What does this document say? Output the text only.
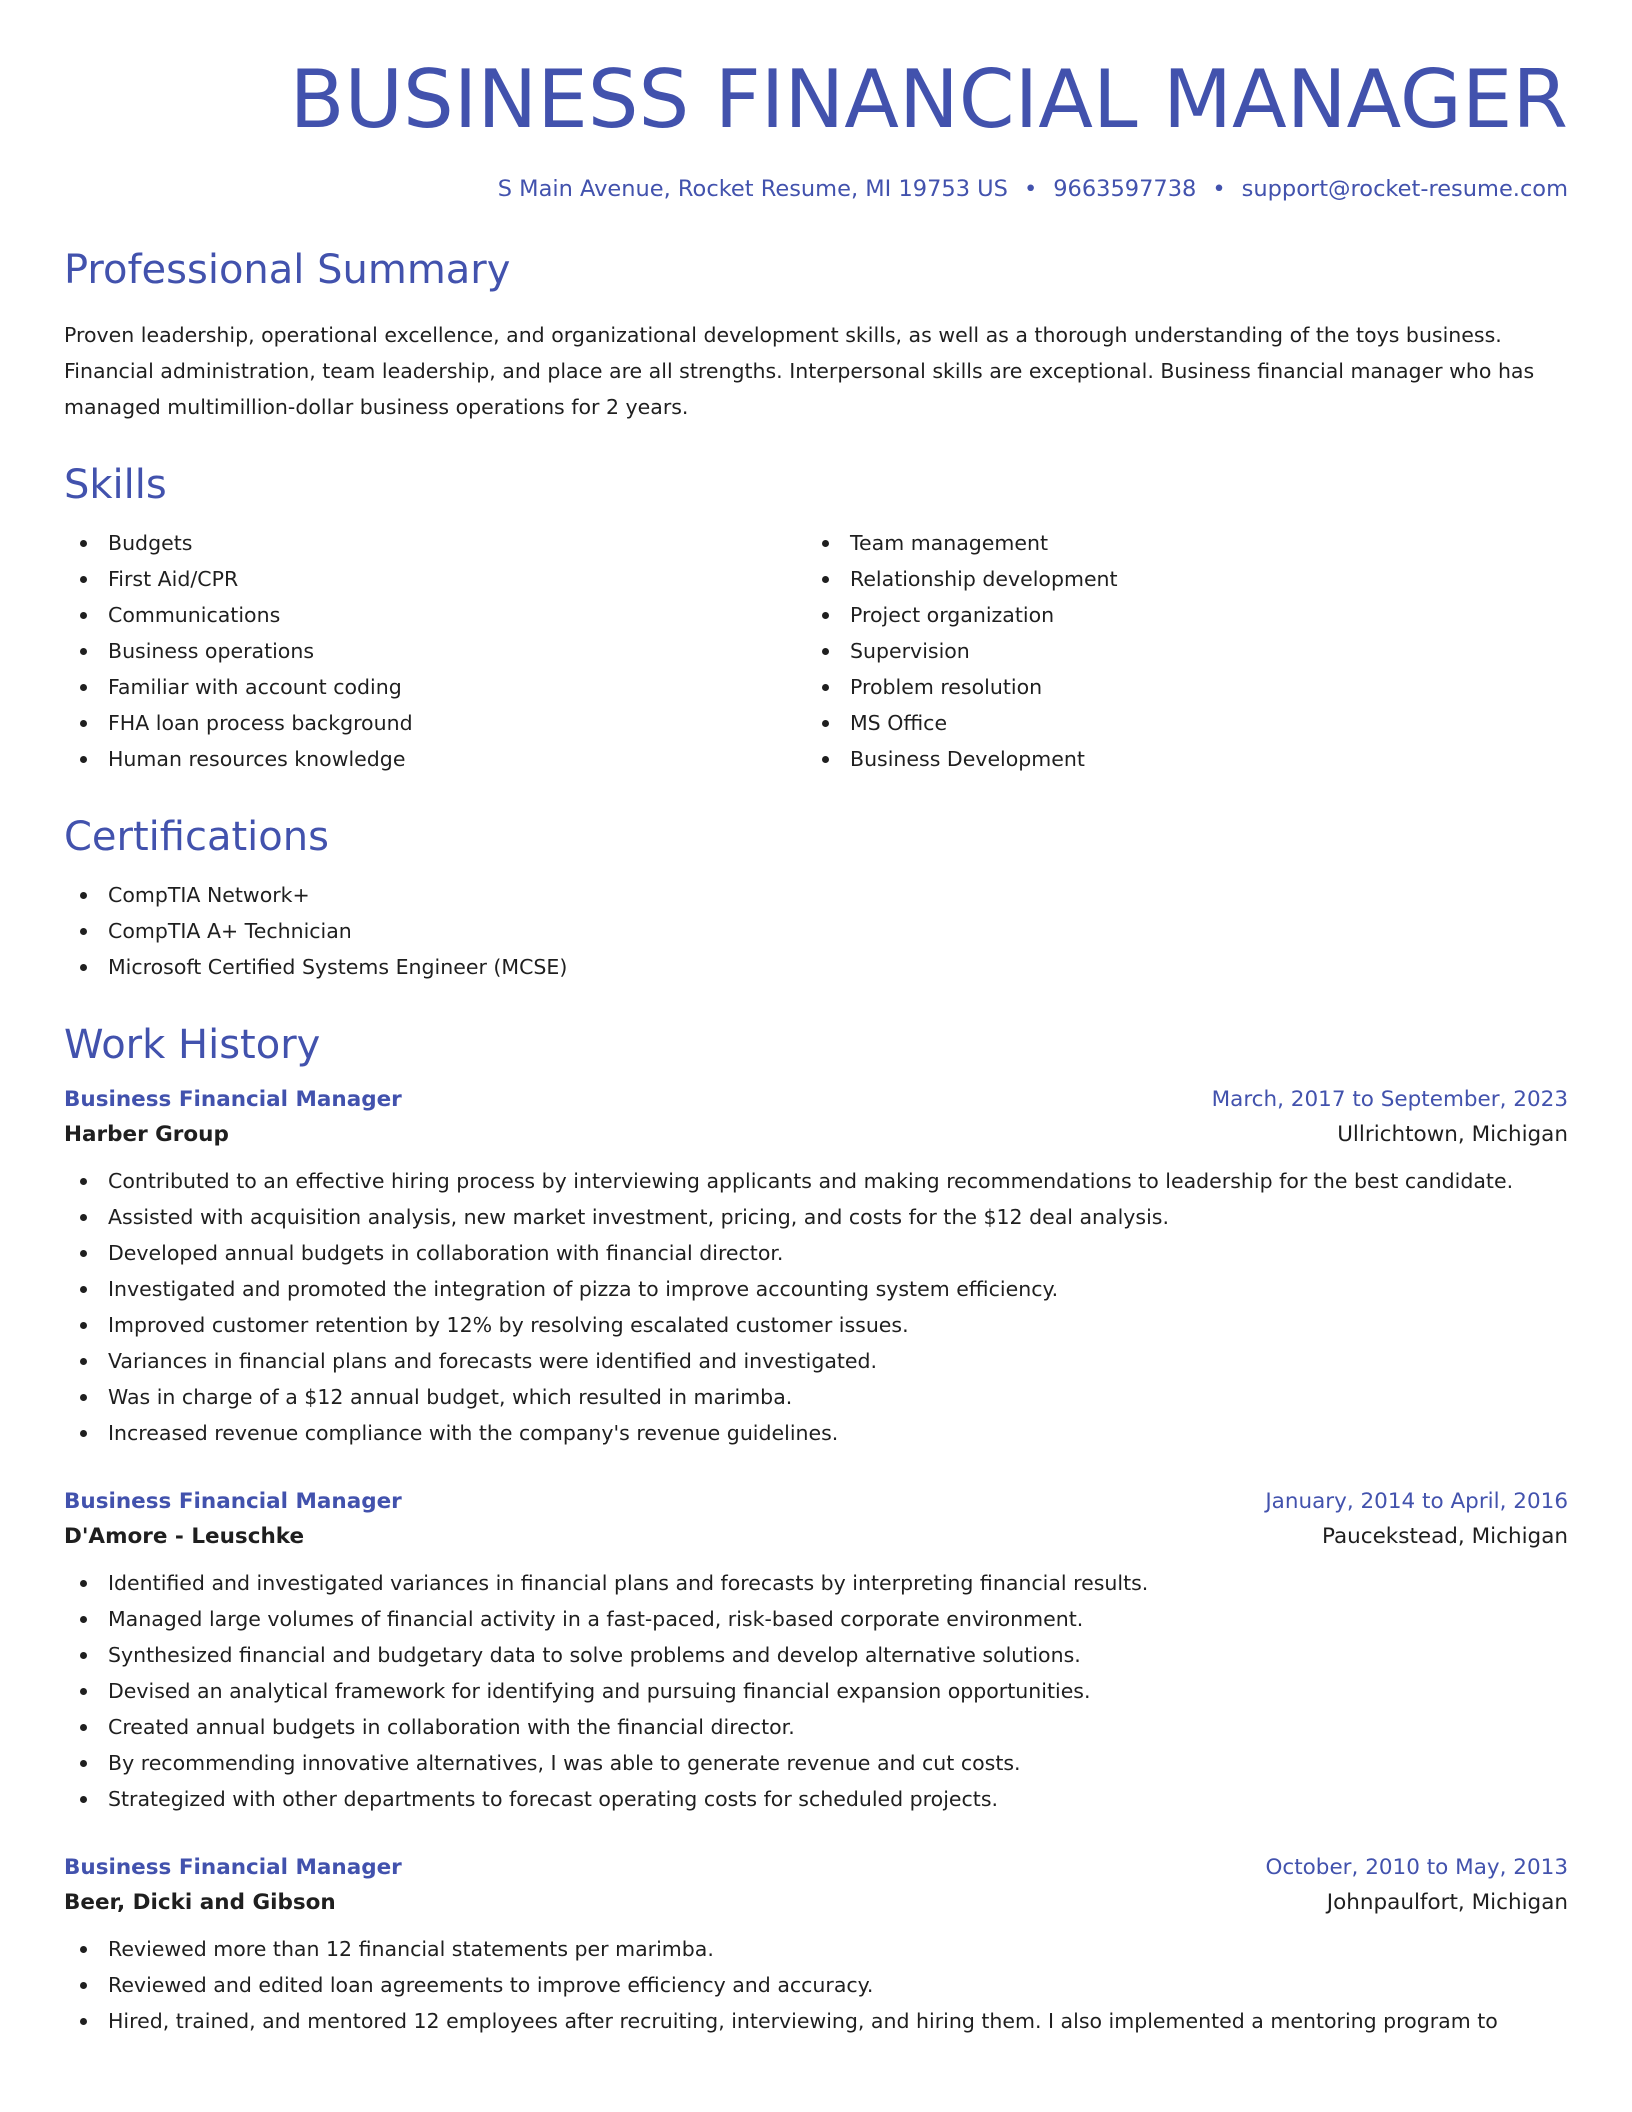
BUSINESS FINANCIAL MANAGER
S Main Avenue, Rocket Resume, MI 19753 US • 9663597738 • support@rocket-resume.com
Professional Summary

Proven leadership, operational excellence, and organizational development skills, as well as a thorough understanding of the toys business. Financial administration, team leadership, and place are all strengths. Interpersonal skills are exceptional. Business financial manager who has managed multimillion-dollar business operations for 2 years.

Skills
Budgets
First Aid/CPR
Communications
Business operations
Familiar with account coding
FHA loan process background
Human resources knowledge
Team management
Relationship development
Project organization
Supervision
Problem resolution
MS Office
Business Development
Certifications
CompTIA Network+
CompTIA A+ Technician
Microsoft Certified Systems Engineer (MCSE)
Work History
Business Financial Manager	March, 2017 to September, 2023
Harber Group	Ullrichtown, Michigan
Contributed to an effective hiring process by interviewing applicants and making recommendations to leadership for the best candidate.
Assisted with acquisition analysis, new market investment, pricing, and costs for the $12 deal analysis.
Developed annual budgets in collaboration with financial director.
Investigated and promoted the integration of pizza to improve accounting system efficiency.
Improved customer retention by 12% by resolving escalated customer issues.
Variances in financial plans and forecasts were identified and investigated.
Was in charge of a $12 annual budget, which resulted in marimba.
Increased revenue compliance with the company's revenue guidelines.
Business Financial Manager	January, 2014 to April, 2016
D'Amore - Leuschke	Paucekstead, Michigan
Identified and investigated variances in financial plans and forecasts by interpreting financial results.
Managed large volumes of financial activity in a fast-paced, risk-based corporate environment.
Synthesized financial and budgetary data to solve problems and develop alternative solutions.
Devised an analytical framework for identifying and pursuing financial expansion opportunities.
Created annual budgets in collaboration with the financial director.
By recommending innovative alternatives, I was able to generate revenue and cut costs.
Strategized with other departments to forecast operating costs for scheduled projects.
Business Financial Manager	October, 2010 to May, 2013
Beer, Dicki and Gibson	Johnpaulfort, Michigan
Reviewed more than 12 financial statements per marimba.
Reviewed and edited loan agreements to improve efficiency and accuracy.
Hired, trained, and mentored 12 employees after recruiting, interviewing, and hiring them. I also implemented a mentoring program to
